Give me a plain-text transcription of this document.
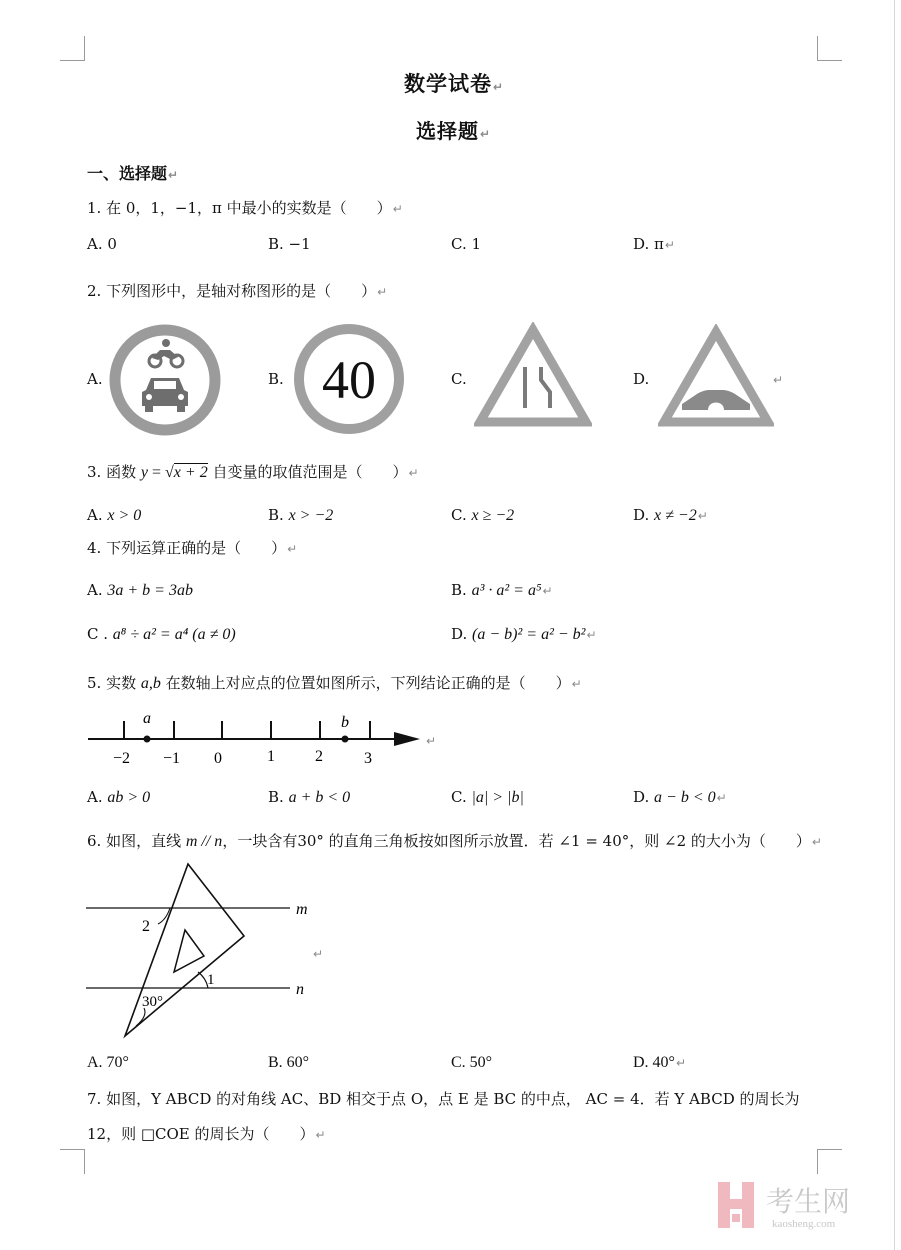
数学试卷↵
选择题↵
一、选择题↵
1. 在 0，1，−1，π 中最小的实数是（　　）↵
A. 0	B. −1	C. 1	D. π↵
2. 下列图形中，是轴对称图形的是（　　）↵
A.	B.	C.	D.	↵
40
3. 函数 y = √x + 2 自变量的取值范围是（　　）↵
A. x > 0	B. x > −2	C. x ≥ −2	D. x ≠ −2↵
4. 下列运算正确的是（　　）↵
A. 3a + b = 3ab	B. a³ · a² = a⁵↵
C . a⁸ ÷ a² = a⁴ (a ≠ 0)	D. (a − b)² = a² − b²↵
5. 实数 a,b 在数轴上对应点的位置如图所示，下列结论正确的是（　　）↵
a	b
−2 −1 0	1	2	3
↵
A. ab > 0	B. a + b < 0	C. |a| > |b|	D. a − b < 0↵
6. 如图，直线 m // n，一块含有30° 的直角三角板按如图所示放置．若 ∠1 = 40°，则 ∠2 的大小为（　　）↵
m
n
2
1
30°
↵
A. 70°	B. 60°	C. 50°	D. 40°↵
7. 如图，Y ABCD 的对角线 AC、BD 相交于点 O，点 E 是 BC 的中点， AC = 4．若 Y ABCD 的周长为
12，则 □COE 的周长为（　　）↵
考生网
kaosheng.com
